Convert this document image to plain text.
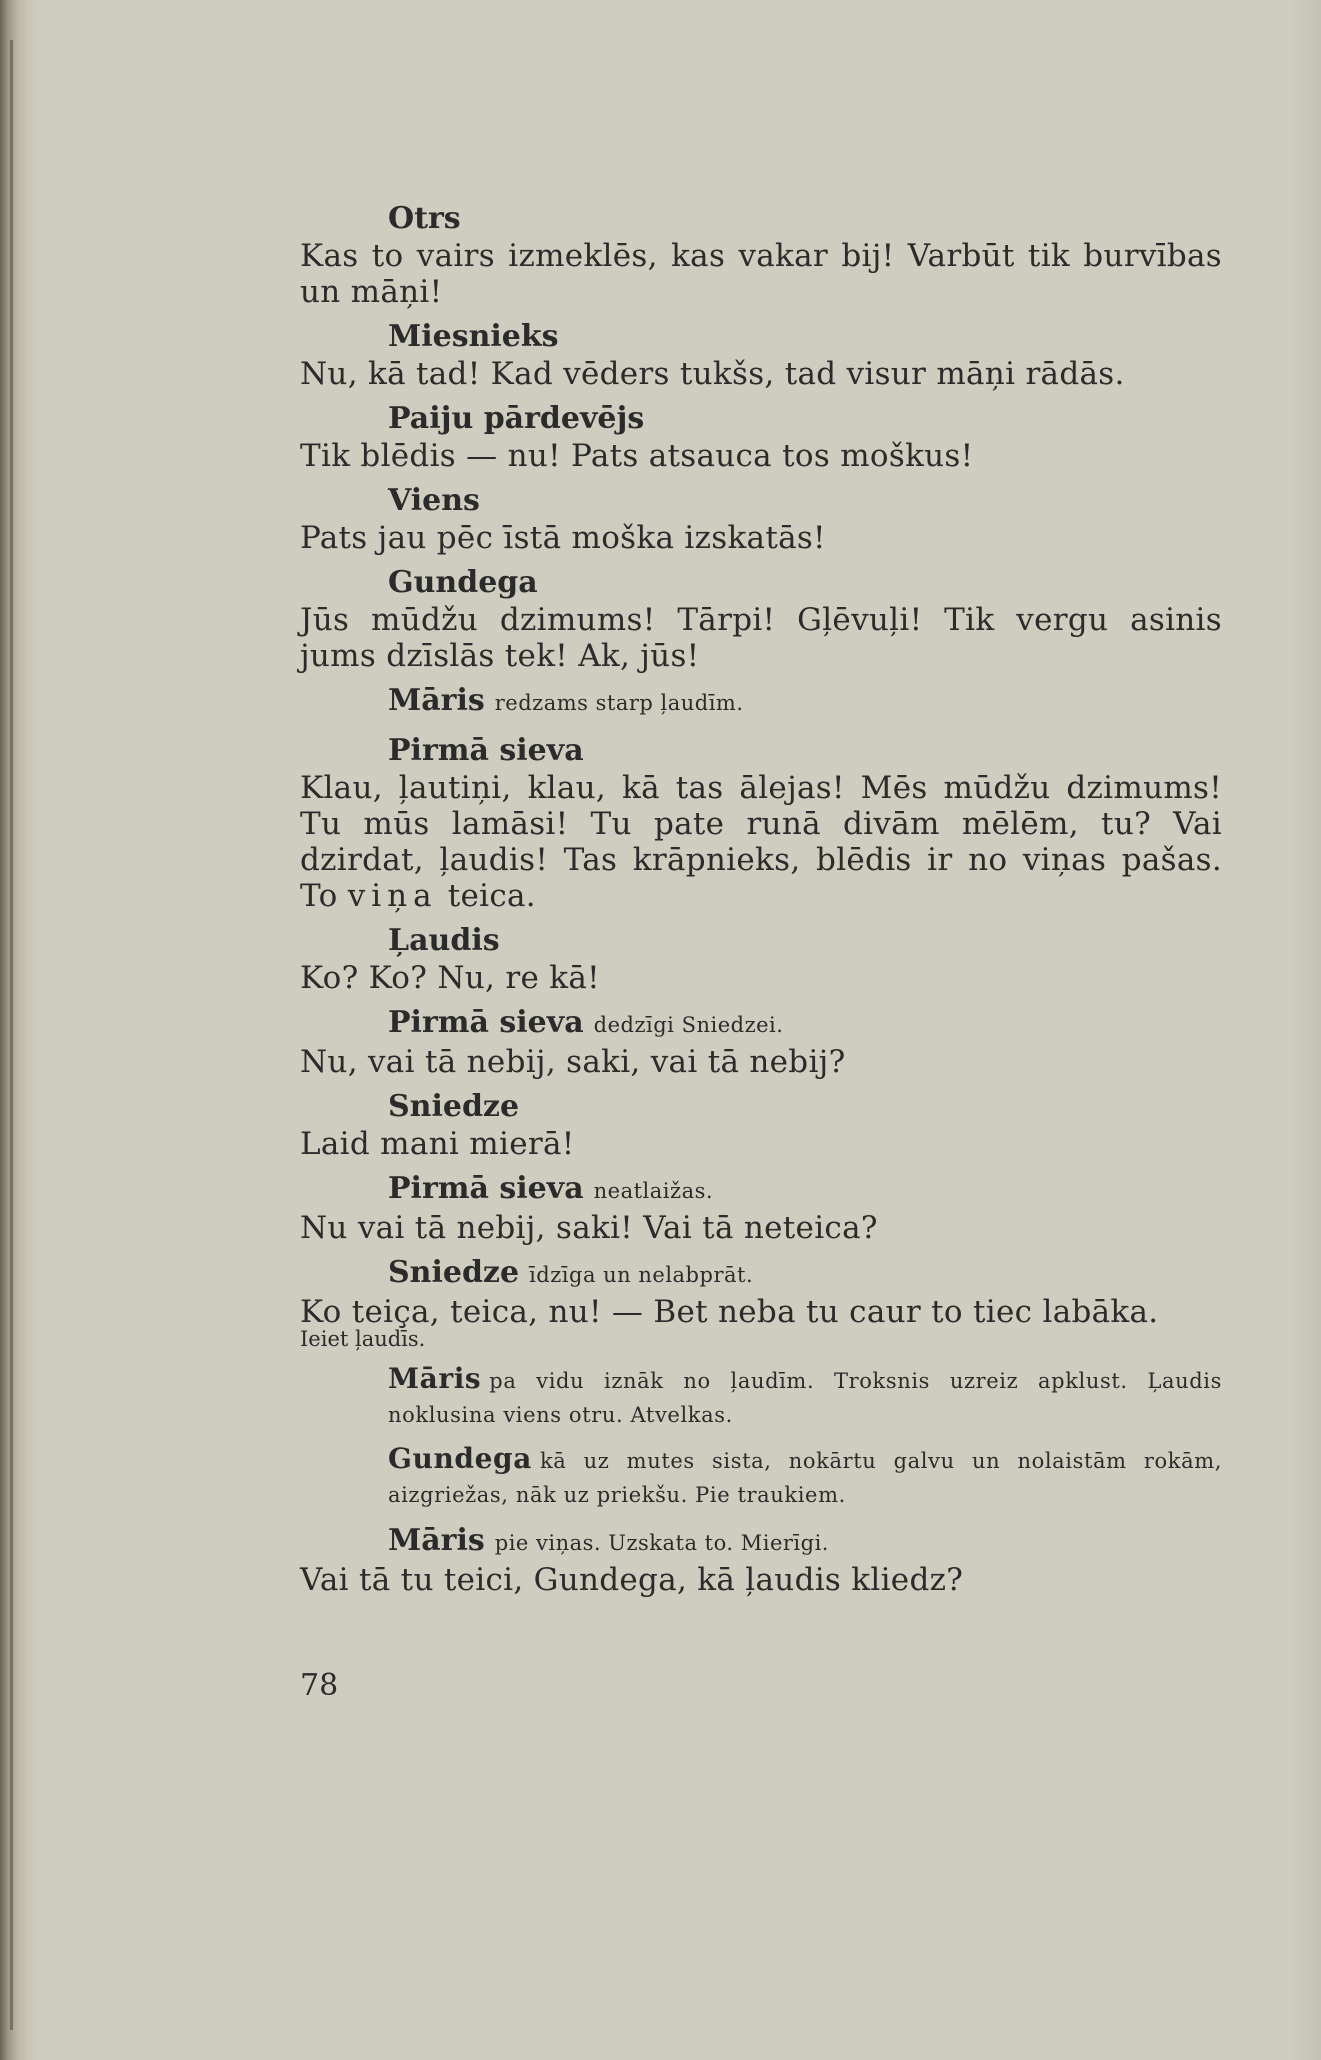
Otrs
Kas to vairs izmeklēs, kas vakar bij! Varbūt tik burvības un māņi!
Miesnieks
Nu, kā tad! Kad vēders tukšs, tad visur māņi rādās.
Paiju pārdevējs
Tik blēdis — nu! Pats atsauca tos moškus!
Viens
Pats jau pēc īstā moška izskatās!
Gundega
Jūs mūdžu dzimums! Tārpi! Gļēvuļi! Tik vergu asinis jums dzīslās tek! Ak, jūs!
Māris redzams starp ļaudīm.
Pirmā sieva
Klau, ļautiņi, klau, kā tas ālejas! Mēs mūdžu dzimums! Tu mūs lamāsi! Tu pate runā divām mēlēm, tu? Vai dzirdat, ļaudis! Tas krāpnieks, blēdis ir no viņas pašas. To viņa teica.
Ļaudis
Ko? Ko? Nu, re kā!
Pirmā sieva dedzīgi Sniedzei.
Nu, vai tā nebij, saki, vai tā nebij?
Sniedze
Laid mani mierā!
Pirmā sieva neatlaižas.
Nu vai tā nebij, saki! Vai tā neteica?
Sniedze īdzīga un nelabprāt.
Ko teiça, teica, nu! — Bet neba tu caur to tiec labāka.
Ieiet ļaudīs.
Māris pa vidu iznāk no ļaudīm. Troksnis uzreiz apklust. Ļaudis noklusina viens otru. Atvelkas.
Gundega kā uz mutes sista, nokārtu galvu un nolaistām rokām, aizgriežas, nāk uz priekšu. Pie traukiem.
Māris pie viņas. Uzskata to. Mierīgi.
Vai tā tu teici, Gundega, kā ļaudis kliedz?
78
